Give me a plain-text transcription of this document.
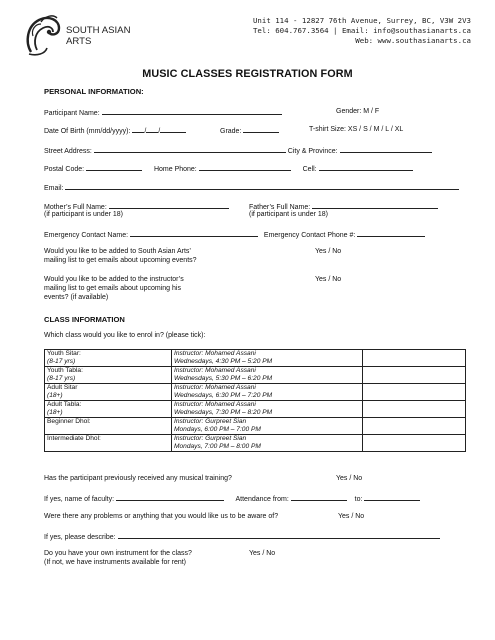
SOUTH ASIAN
ARTS
Unit 114 - 12827 76th Avenue, Surrey, BC, V3W 2V3
Tel: 604.767.3564 | Email: info@southasianarts.ca
Web: www.southasianarts.ca
MUSIC CLASSES REGISTRATION FORM
PERSONAL INFORMATION:
Participant Name:	Gender: M / F
Date Of Birth (mm/dd/yyyy): / /	Grade:	T-shirt Size: XS / S / M / L / XL
Street Address:	City & Province:
Postal Code:	Home Phone:	Cell:
Email:
Mother’s Full Name:	Father’s Full Name:
(if participant is under 18)	(if participant is under 18)
Emergency Contact Name:	Emergency Contact Phone #:
Would you like to be added to South Asian Arts’
mailing list to get emails about upcoming events?
Yes / No
Would you like to be added to the instructor’s
mailing list to get emails about upcoming his
events? (if available)
Yes / No
CLASS INFORMATION
Which class would you like to enrol in? (please tick):
Youth Sitar:
(8-17 yrs)	Instructor: Mohamed Assani
Wednesdays, 4:30 PM – 5:20 PM	
Youth Tabla:
(8-17 yrs)	Instructor: Mohamed Assani
Wednesdays, 5:30 PM – 6:20 PM	
Adult Sitar
(18+)	Instructor: Mohamed Assani
Wednesdays, 6:30 PM – 7:20 PM	
Adult Tabla:
(18+)	Instructor: Mohamed Assani
Wednesdays, 7:30 PM – 8:20 PM	
Beginner Dhol:	Instructor: Gurpreet Sian
Mondays, 6:00 PM – 7:00 PM	
Intermediate Dhol:	Instructor: Gurpreet Sian
Mondays, 7:00 PM – 8:00 PM	
Has the participant previously received any musical training?	Yes / No
If yes, name of faculty:	Attendance from:	to:
Were there any problems or anything that you would like us to be aware of?	Yes / No
If yes, please describe:
Do you have your own instrument for the class?	Yes / No
(If not, we have instruments available for rent)
